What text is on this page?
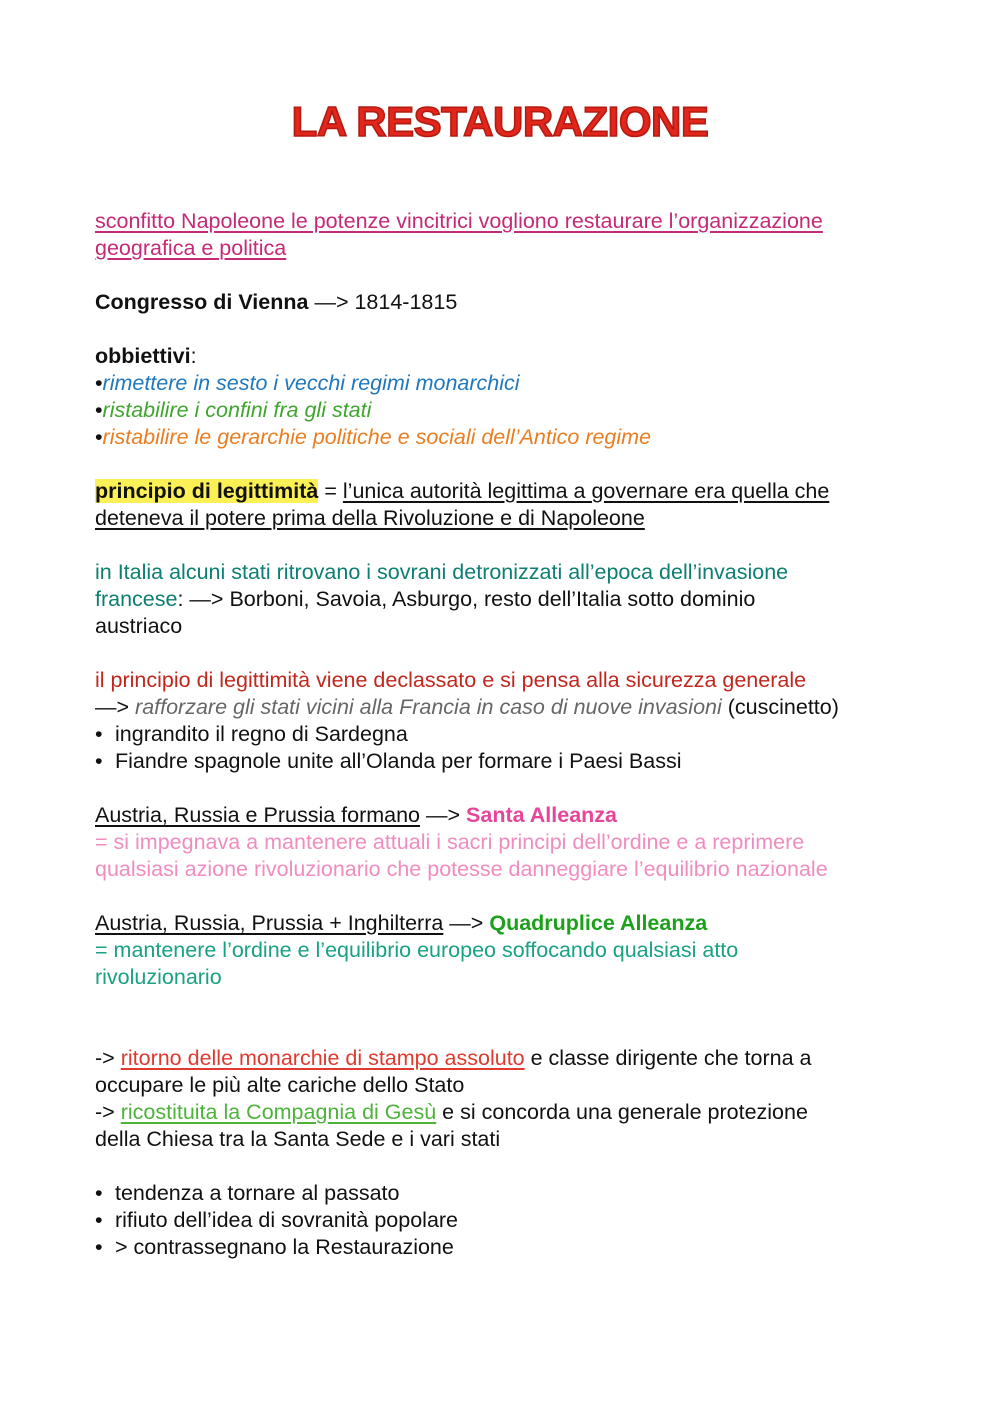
LA RESTAURAZIONE

sconfitto Napoleone le potenze vincitrici vogliono restaurare l’organizzazione
geografica e politica

Congresso di Vienna —> 1814-1815

obbiettivi:

•rimettere in sesto i vecchi regimi monarchici

•ristabilire i confini fra gli stati

•ristabilire le gerarchie politiche e sociali dell’Antico regime

principio di legittimità = l’unica autorità legittima a governare era quella che
deteneva il potere prima della Rivoluzione e di Napoleone

in Italia alcuni stati ritrovano i sovrani detronizzati all’epoca dell’invasione
francese: —> Borboni, Savoia, Asburgo, resto dell’Italia sotto dominio
austriaco

il principio di legittimità viene declassato e si pensa alla sicurezza generale

—> rafforzare gli stati vicini alla Francia in caso di nuove invasioni (cuscinetto)

• ingrandito il regno di Sardegna

• Fiandre spagnole unite all’Olanda per formare i Paesi Bassi

Austria, Russia e Prussia formano —> Santa Alleanza

= si impegnava a mantenere attuali i sacri principi dell’ordine e a reprimere
qualsiasi azione rivoluzionario che potesse danneggiare l’equilibrio nazionale

Austria, Russia, Prussia + Inghilterra —> Quadruplice Alleanza

= mantenere l’ordine e l’equilibrio europeo soffocando qualsiasi atto
rivoluzionario

-> ritorno delle monarchie di stampo assoluto e classe dirigente che torna a
occupare le più alte cariche dello Stato

-> ricostituita la Compagnia di Gesù e si concorda una generale protezione
della Chiesa tra la Santa Sede e i vari stati

• tendenza a tornare al passato

• rifiuto dell’idea di sovranità popolare

• > contrassegnano la Restaurazione
